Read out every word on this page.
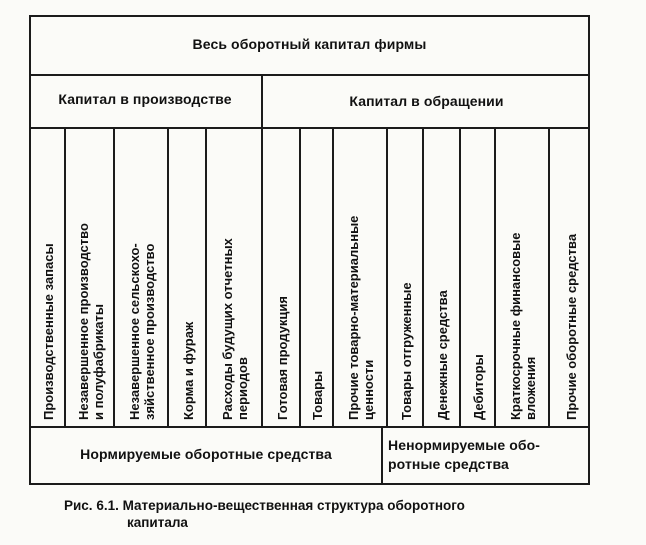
Весь оборотный капитал фирмы
Капитал в производстве	Капитал в обращении
Производственные запасы Незавершенное производство и полуфабрикаты Незавершенное сельскохо- зяйственное производство Корма и фураж Расходы будущих отчетных периодов Готовая продукция Товары Прочие товарно-материальные ценности Товары отгруженные Денежные средства Дебиторы Краткосрочные финансовые вложения Прочие оборотные средства
Нормируемые оборотные средства
Ненормируемые обо-
ротные средства
Рис. 6.1. Материально-вещественная структура оборотного
капитала
